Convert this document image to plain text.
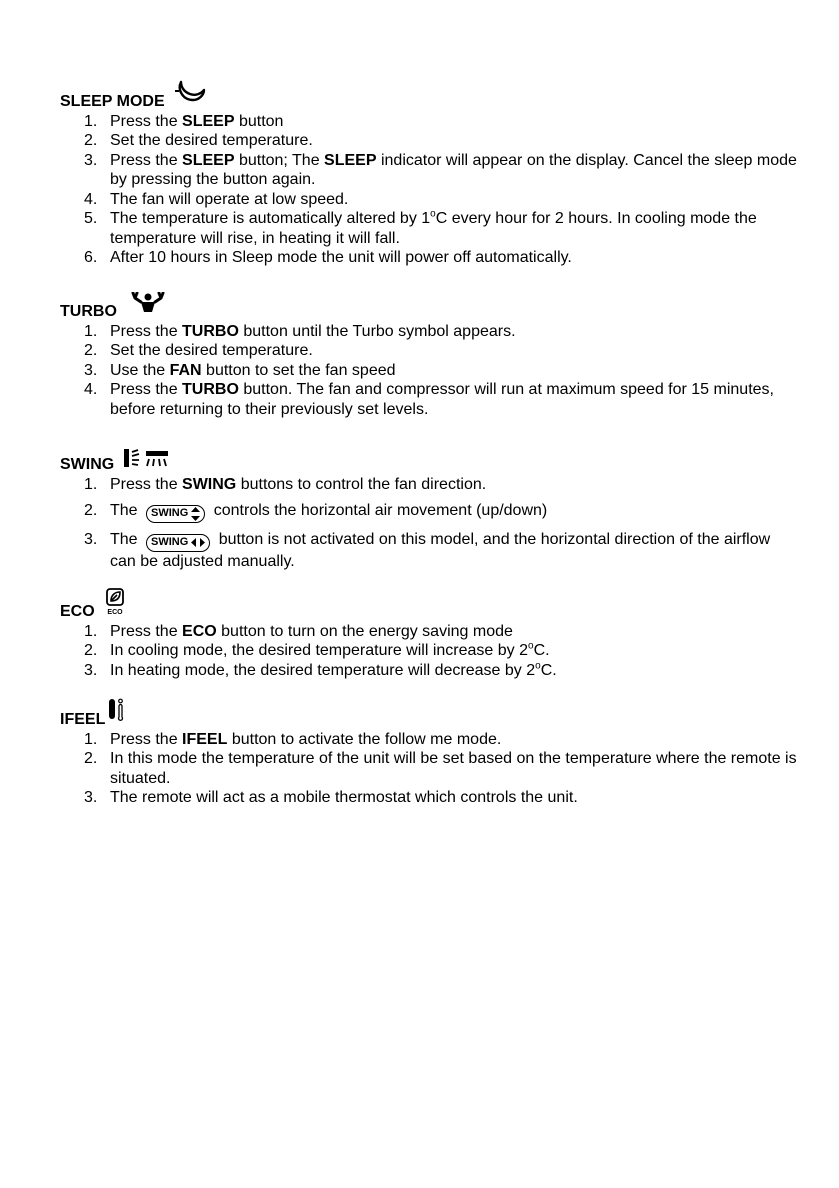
SLEEP MODE
1. Press the SLEEP button
2. Set the desired temperature.
3. Press the SLEEP button; The SLEEP indicator will appear on the display. Cancel the sleep mode by pressing the button again.
4. The fan will operate at low speed.
5. The temperature is automatically altered by 1$^o$C every hour for 2 hours. In cooling mode the temperature will rise, in heating it will fall.
6. After 10 hours in Sleep mode the unit will power off automatically.
TURBO
1. Press the TURBO button until the Turbo symbol appears.
2. Set the desired temperature.
3. Use the FAN button to set the fan speed
4. Press the TURBO button. The fan and compressor will run at maximum speed for 15 minutes, before returning to their previously set levels.
SWING
1. Press the SWING buttons to control the fan direction.
2. The SWING controls the horizontal air movement (up/down)
3. The SWING button is not activated on this model, and the horizontal direction of the airflow can be adjusted manually.
ECO ECO
1. Press the ECO button to turn on the energy saving mode
2. In cooling mode, the desired temperature will increase by 2$^o$C.
3. In heating mode, the desired temperature will decrease by 2$^o$C.
IFEEL
1. Press the IFEEL button to activate the follow me mode.
2. In this mode the temperature of the unit will be set based on the temperature where the remote is situated.
3. The remote will act as a mobile thermostat which controls the unit.
